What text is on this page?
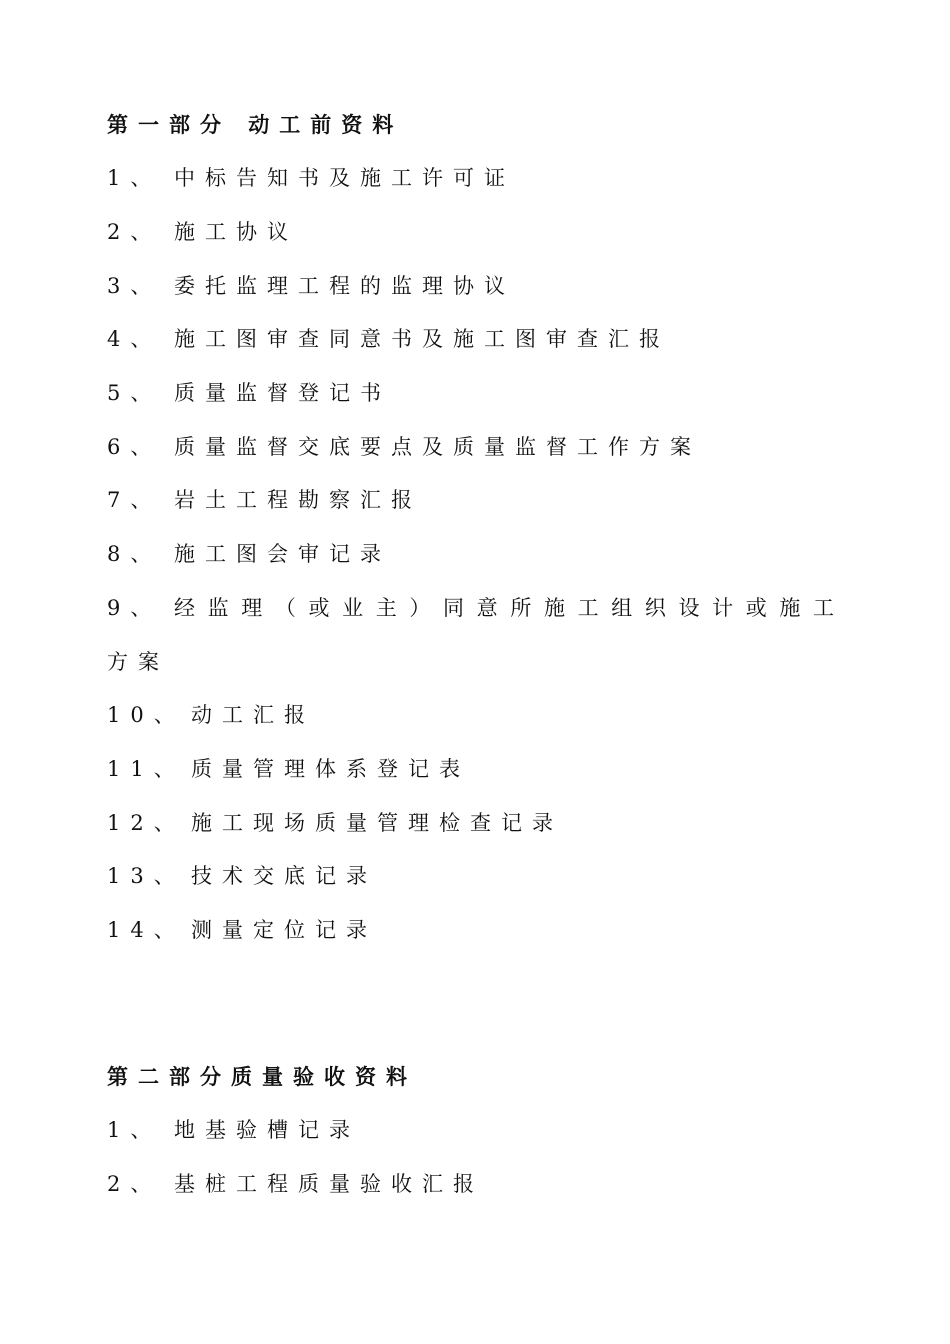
第一部分 动工前资料
1、 中标告知书及施工许可证
2、 施工协议
3、 委托监理工程的监理协议
4、 施工图审查同意书及施工图审查汇报
5、 质量监督登记书
6、 质量监督交底要点及质量监督工作方案
7、 岩土工程勘察汇报
8、 施工图会审记录
9、 经监理（或业主）同意所施工组织设计或施工
方案
10、 动工汇报
11、 质量管理体系登记表
12、 施工现场质量管理检查记录
13、 技术交底记录
14、 测量定位记录
第二部分质量验收资料
1、 地基验槽记录
2、 基桩工程质量验收汇报
